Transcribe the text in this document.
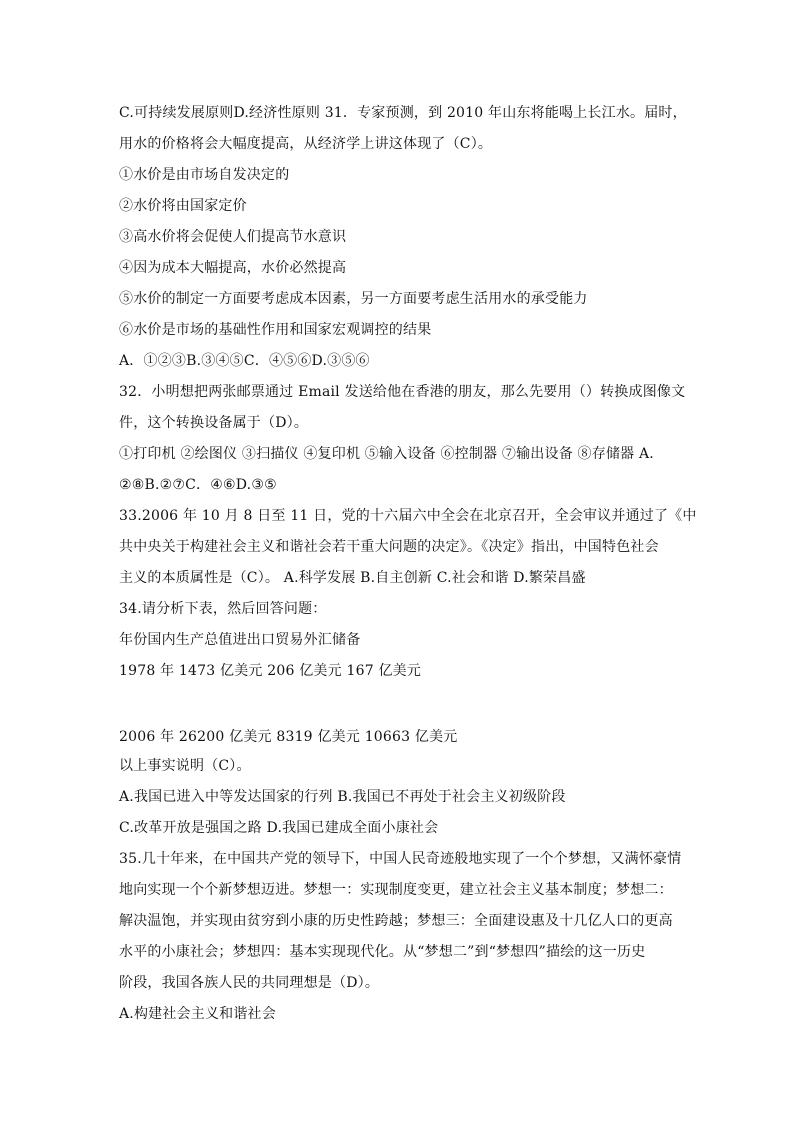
C.可持续发展原则D.经济性原则 31．专家预测，到 2010 年山东将能喝上长江水。届时，
用水的价格将会大幅度提高，从经济学上讲这体现了（C）。
①水价是由市场自发决定的
②水价将由国家定价
③高水价将会促使人们提高节水意识
④因为成本大幅提高，水价必然提高
⑤水价的制定一方面要考虑成本因素，另一方面要考虑生活用水的承受能力
⑥水价是市场的基础性作用和国家宏观调控的结果
A．①②③B.③④⑤C．④⑤⑥D.③⑤⑥
32．小明想把两张邮票通过 Email 发送给他在香港的朋友，那么先要用（）转换成图像文
件，这个转换设备属于（D）。
①打印机 ②绘图仪 ③扫描仪 ④复印机 ⑤输入设备 ⑥控制器 ⑦输出设备 ⑧存储器 A.
②⑧B.②⑦C．④⑥D.③⑤
33.2006 年 10 月 8 日至 11 日，党的十六届六中全会在北京召开，全会审议并通过了《中
共中央关于构建社会主义和谐社会若干重大问题的决定》。《决定》指出，中国特色社会
主义的本质属性是（C）。 A.科学发展 B.自主创新 C.社会和谐 D.繁荣昌盛
34.请分析下表，然后回答问题：
年份国内生产总值进出口贸易外汇储备
1978 年 1473 亿美元 206 亿美元 167 亿美元
2006 年 26200 亿美元 8319 亿美元 10663 亿美元
以上事实说明（C）。
A.我国已进入中等发达国家的行列 B.我国已不再处于社会主义初级阶段
C.改革开放是强国之路 D.我国已建成全面小康社会
35.几十年来，在中国共产党的领导下，中国人民奇迹般地实现了一个个梦想，又满怀豪情
地向实现一个个新梦想迈进。梦想一：实现制度变更，建立社会主义基本制度；梦想二：
解决温饱，并实现由贫穷到小康的历史性跨越；梦想三：全面建设惠及十几亿人口的更高
水平的小康社会；梦想四：基本实现现代化。从“梦想二”到“梦想四”描绘的这一历史
阶段，我国各族人民的共同理想是（D）。
A.构建社会主义和谐社会
